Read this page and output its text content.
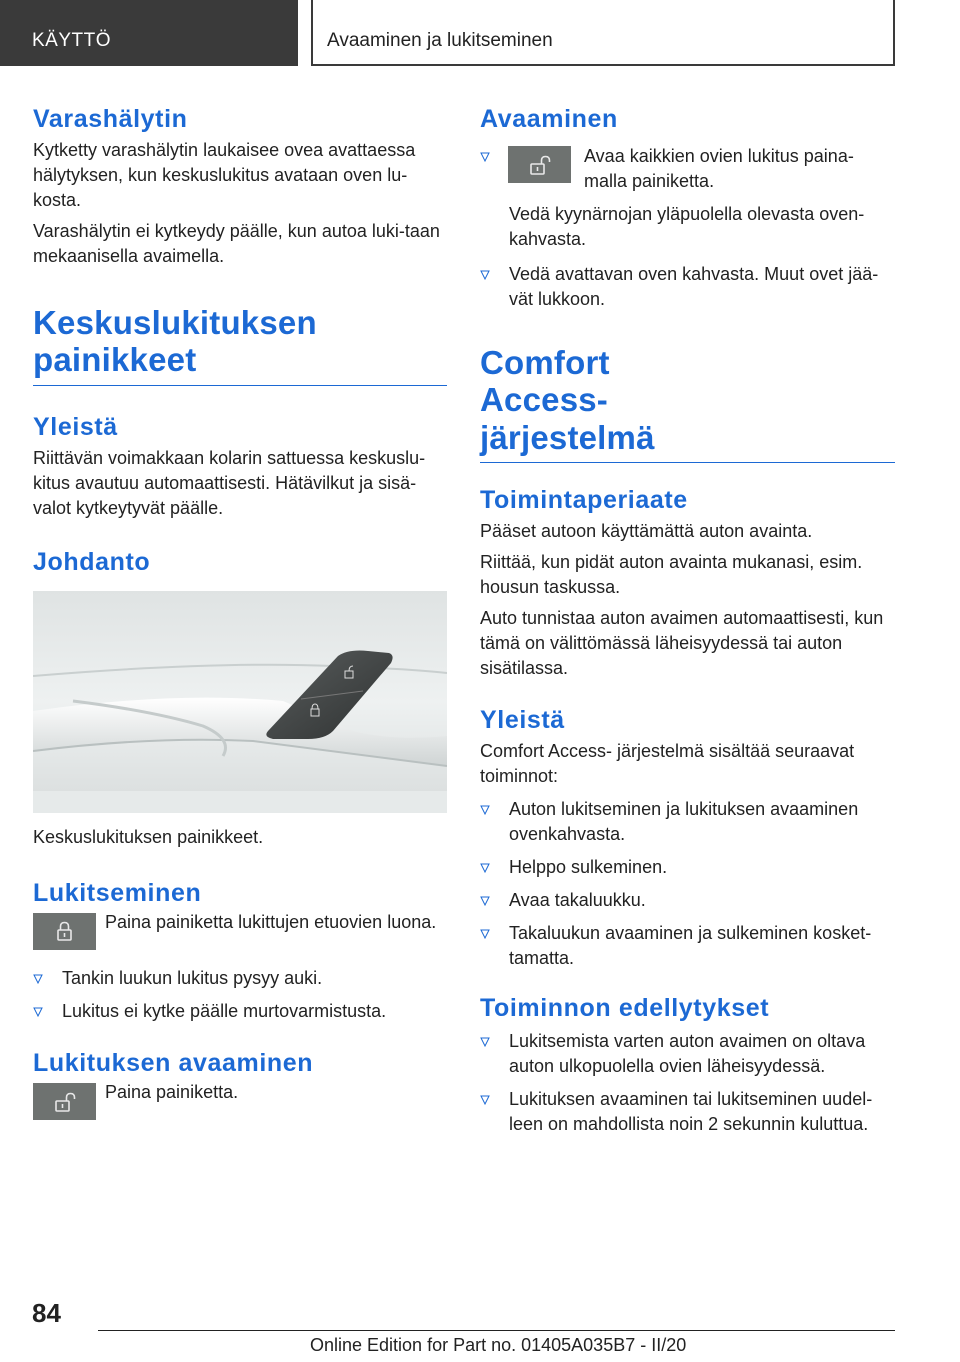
KÄYTTÖ	Avaaminen ja lukitseminen
Varashälytin

Kytketty varashälytin laukaisee ovea avattaessa hälytyksen, kun keskuslukitus avataan oven lu-kosta.

Varashälytin ei kytkeydy päälle, kun autoa luki-taan mekaanisella avaimella.

Keskuslukituksen painikkeet
Yleistä

Riittävän voimakkaan kolarin sattuessa keskuslu-kitus avautuu automaattisesti. Hätävilkut ja sisä-valot kytkeytyvät päälle.

Johdanto

Keskuslukituksen painikkeet.

Lukitseminen

Paina painiketta lukittujen etuovien luona.

Tankin luukun lukitus pysyy auki.
Lukitus ei kytke päälle murtovarmistusta.
Lukituksen avaaminen

Paina painiketta.

Avaaminen
Avaa kaikkien ovien lukitus paina-malla painiketta.

Vedä kyynärnojan yläpuolella olevasta oven-kahvasta.

Vedä avattavan oven kahvasta. Muut ovet jää-vät lukkoon.
Comfort Access- järjestelmä
Toimintaperiaate

Pääset autoon käyttämättä auton avainta.

Riittää, kun pidät auton avainta mukanasi, esim. housun taskussa.

Auto tunnistaa auton avaimen automaattisesti, kun tämä on välittömässä läheisyydessä tai auton sisätilassa.

Yleistä

Comfort Access- järjestelmä sisältää seuraavat toiminnot:

Auton lukitseminen ja lukituksen avaaminen ovenkahvasta.
Helppo sulkeminen.
Avaa takaluukku.
Takaluukun avaaminen ja sulkeminen kosket-tamatta.
Toiminnon edellytykset
Lukitsemista varten auton avaimen on oltava auton ulkopuolella ovien läheisyydessä.
Lukituksen avaaminen tai lukitseminen uudel-leen on mahdollista noin 2 sekunnin kuluttua.
84
Online Edition for Part no. 01405A035B7 - II/20
